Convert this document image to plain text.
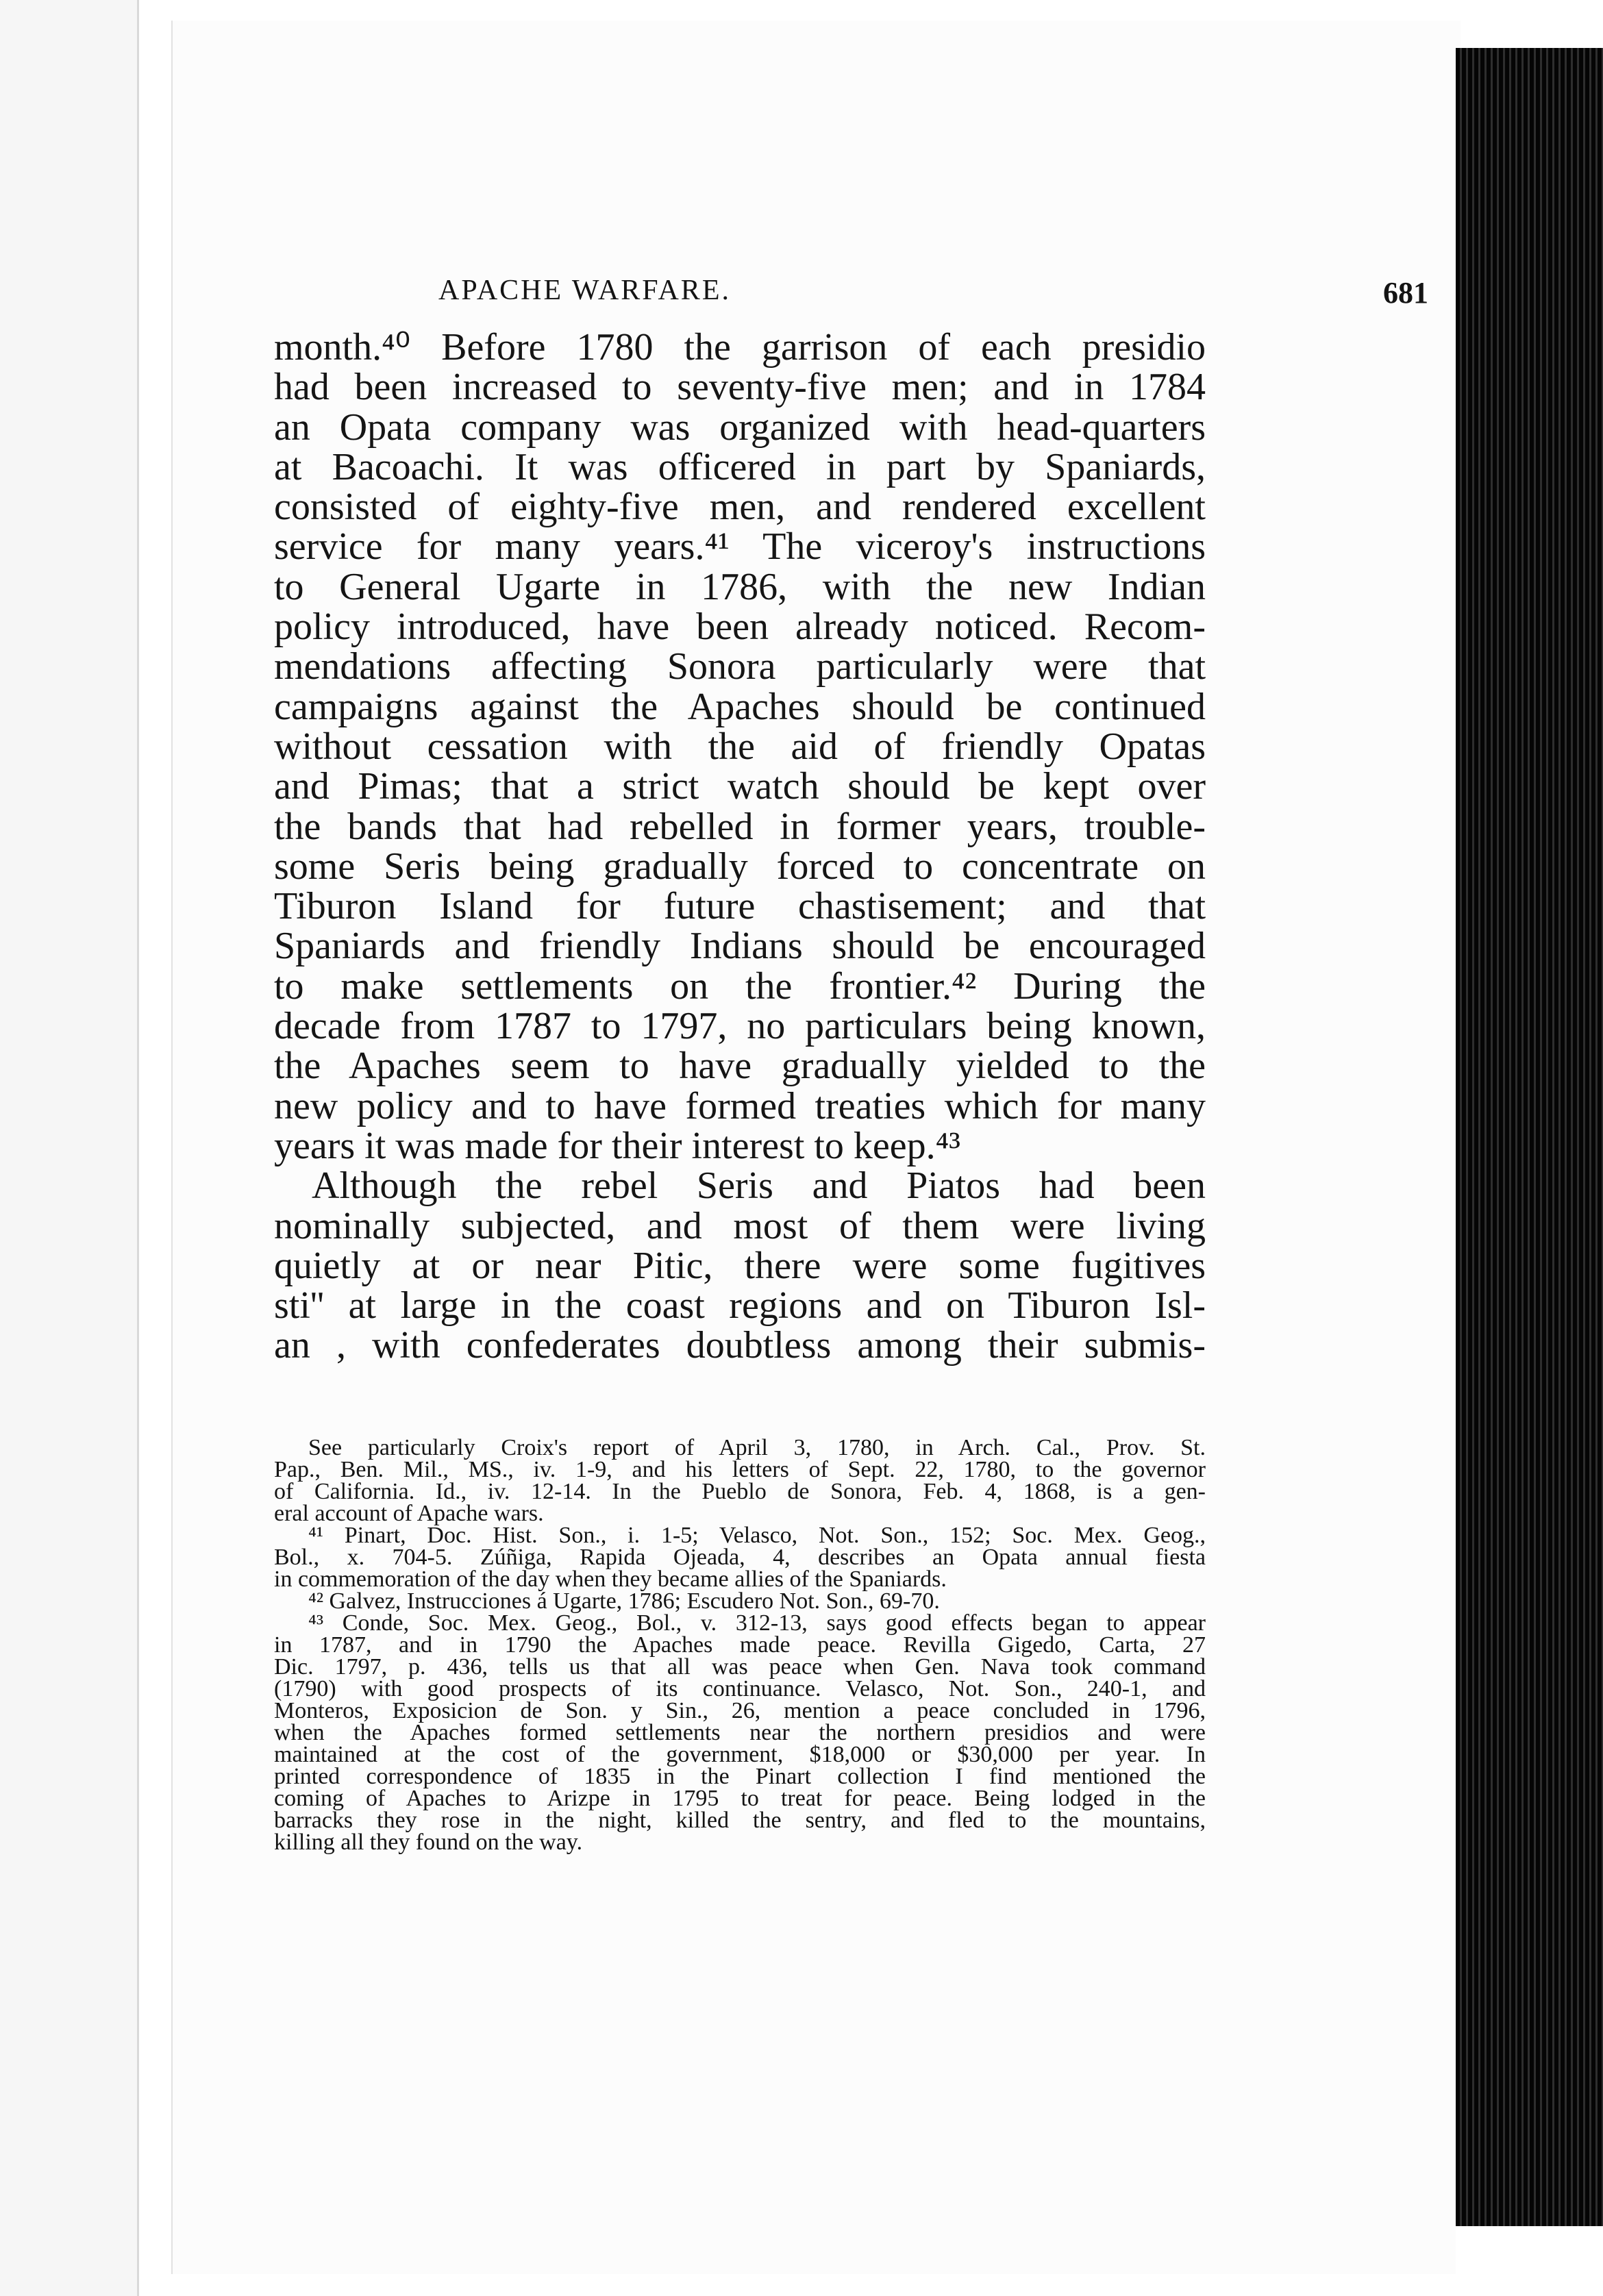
APACHE WARFARE.	681
month.⁴⁰ Before 1780 the garrison of each presidio
had been increased to seventy-five men; and in 1784
an Opata company was organized with head-quarters
at Bacoachi. It was officered in part by Spaniards,
consisted of eighty-five men, and rendered excellent
service for many years.⁴¹ The viceroy's instructions
to General Ugarte in 1786, with the new Indian
policy introduced, have been already noticed. Recom-
mendations affecting Sonora particularly were that
campaigns against the Apaches should be continued
without cessation with the aid of friendly Opatas
and Pimas; that a strict watch should be kept over
the bands that had rebelled in former years, trouble-
some Seris being gradually forced to concentrate on
Tiburon Island for future chastisement; and that
Spaniards and friendly Indians should be encouraged
to make settlements on the frontier.⁴² During the
decade from 1787 to 1797, no particulars being known,
the Apaches seem to have gradually yielded to the
new policy and to have formed treaties which for many
years it was made for their interest to keep.⁴³
Although the rebel Seris and Piatos had been
nominally subjected, and most of them were living
quietly at or near Pitic, there were some fugitives
sti'' at large in the coast regions and on Tiburon Isl-
an , with confederates doubtless among their submis-
See particularly Croix's report of April 3, 1780, in Arch. Cal., Prov. St.
Pap., Ben. Mil., MS., iv. 1-9, and his letters of Sept. 22, 1780, to the governor
of California. Id., iv. 12-14. In the Pueblo de Sonora, Feb. 4, 1868, is a gen-
eral account of Apache wars.
⁴¹ Pinart, Doc. Hist. Son., i. 1-5; Velasco, Not. Son., 152; Soc. Mex. Geog.,
Bol., x. 704-5. Zúñiga, Rapida Ojeada, 4, describes an Opata annual fiesta
in commemoration of the day when they became allies of the Spaniards.
⁴² Galvez, Instrucciones á Ugarte, 1786; Escudero Not. Son., 69-70.
⁴³ Conde, Soc. Mex. Geog., Bol., v. 312-13, says good effects began to appear
in 1787, and in 1790 the Apaches made peace. Revilla Gigedo, Carta, 27
Dic. 1797, p. 436, tells us that all was peace when Gen. Nava took command
(1790) with good prospects of its continuance. Velasco, Not. Son., 240-1, and
Monteros, Exposicion de Son. y Sin., 26, mention a peace concluded in 1796,
when the Apaches formed settlements near the northern presidios and were
maintained at the cost of the government, $18,000 or $30,000 per year. In
printed correspondence of 1835 in the Pinart collection I find mentioned the
coming of Apaches to Arizpe in 1795 to treat for peace. Being lodged in the
barracks they rose in the night, killed the sentry, and fled to the mountains,
killing all they found on the way.
